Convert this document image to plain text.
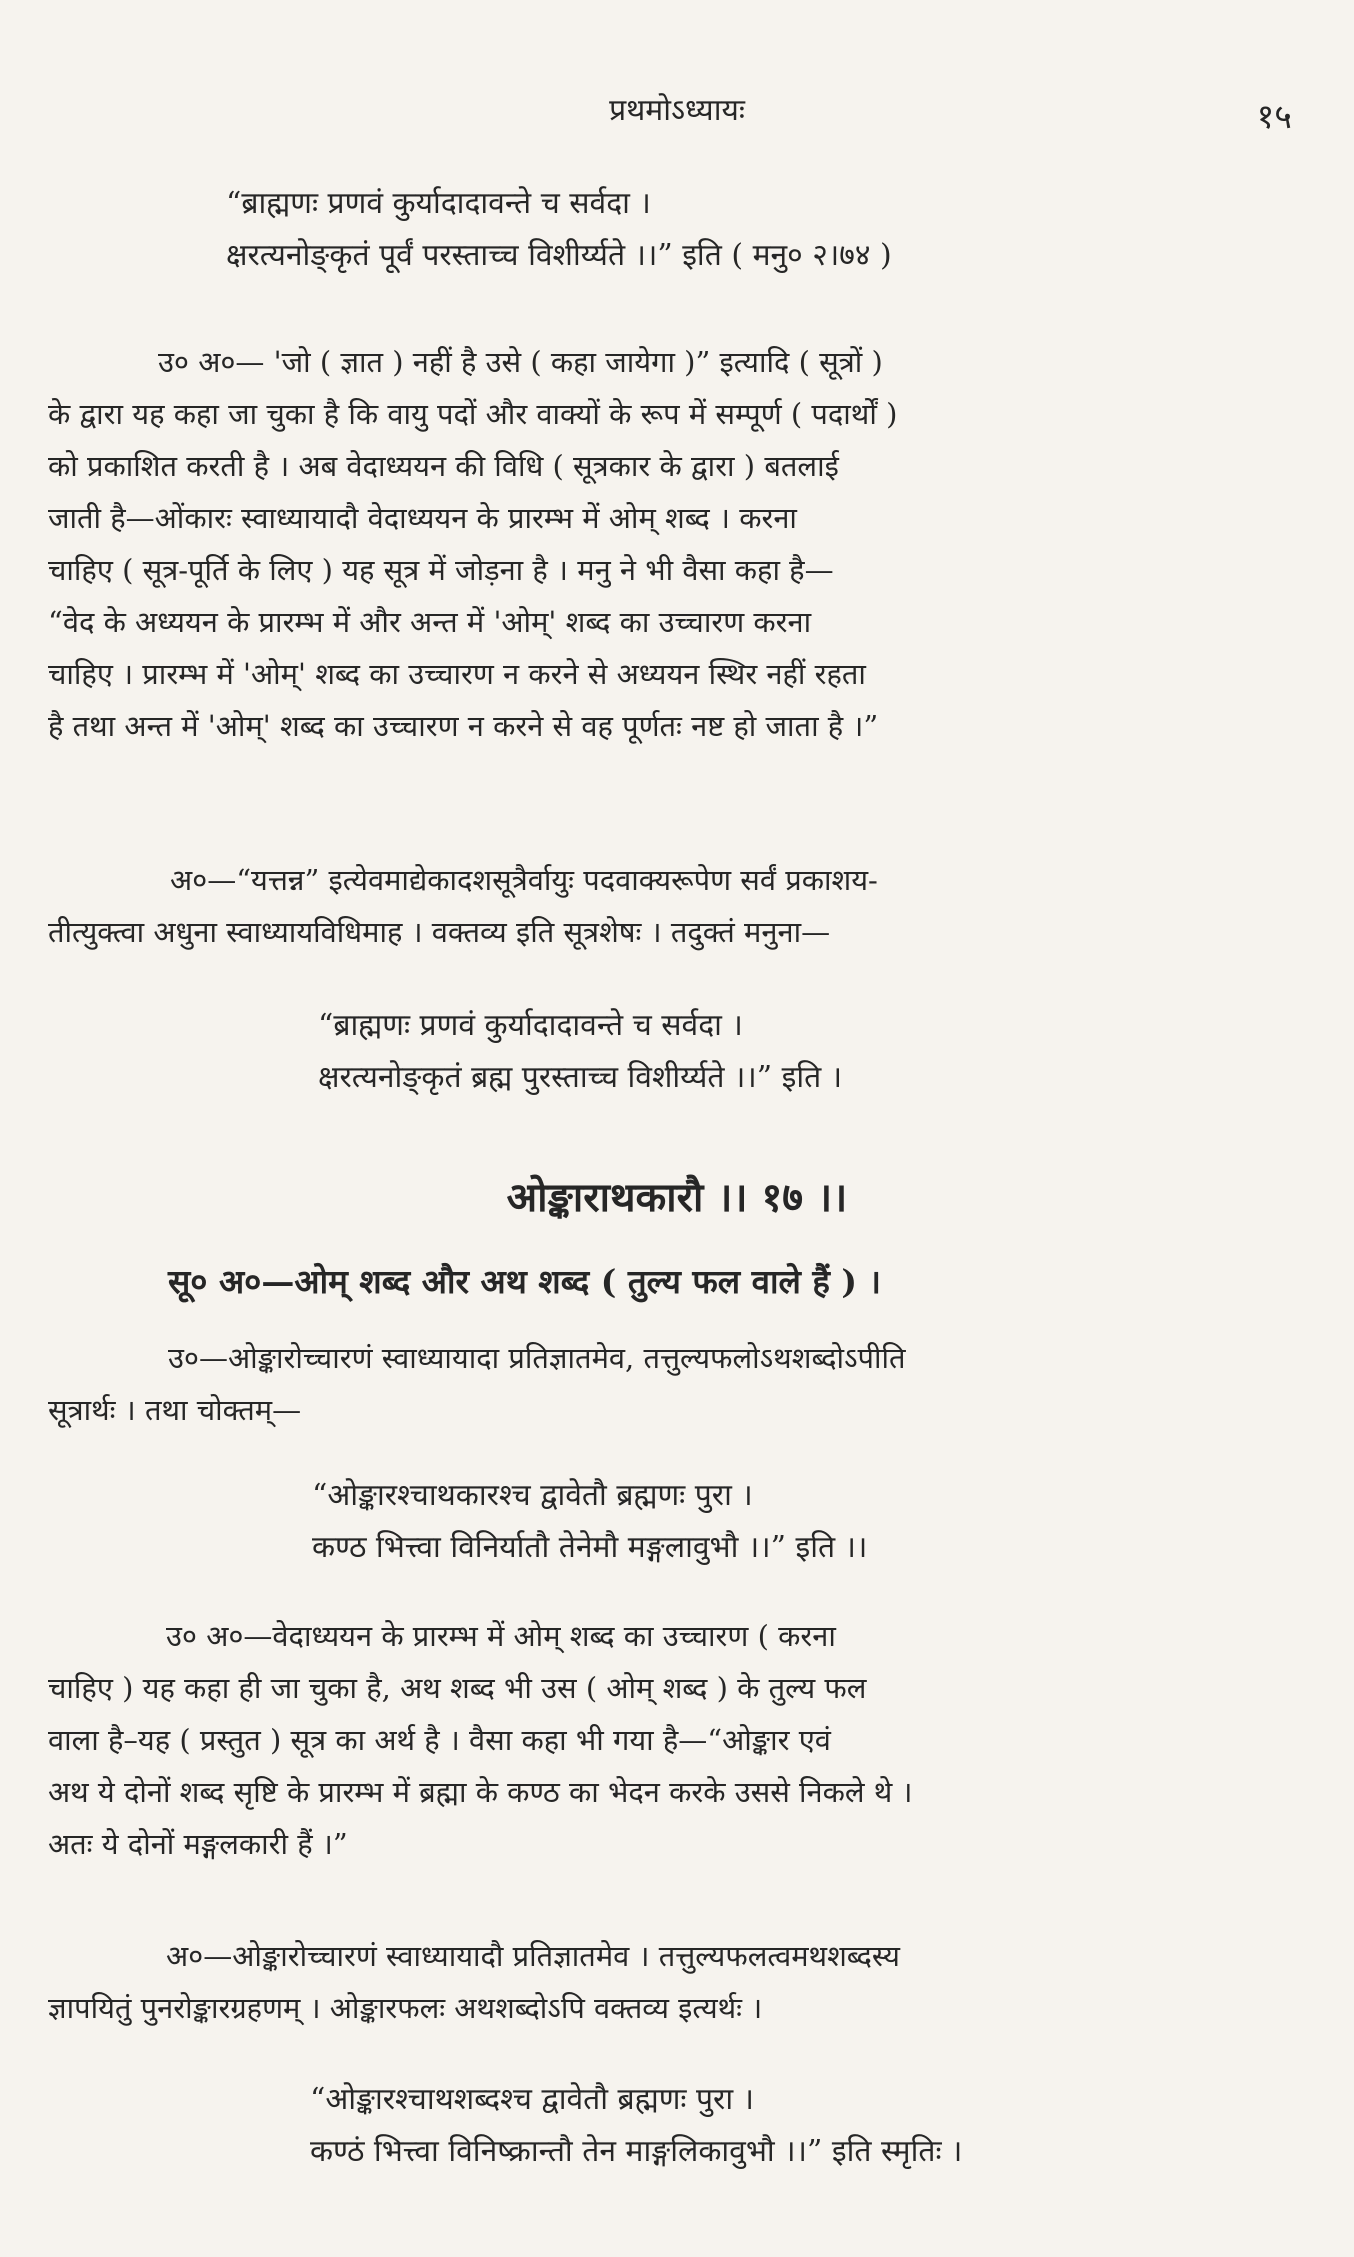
प्रथमोऽध्यायः	१५
“ब्राह्मणः प्रणवं कुर्यादादावन्ते च सर्वदा ।
क्षरत्यनोङ्कृतं पूर्वं परस्ताच्च विशीर्य्यते ।।” इति ( मनु० २।७४ )
उ० अ०— 'जो ( ज्ञात ) नहीं है उसे ( कहा जायेगा )” इत्यादि ( सूत्रों )
के द्वारा यह कहा जा चुका है कि वायु पदों और वाक्यों के रूप में सम्पूर्ण ( पदार्थों )
को प्रकाशित करती है । अब वेदाध्ययन की विधि ( सूत्रकार के द्वारा ) बतलाई
जाती है—ओंकारः स्वाध्यायादौ वेदाध्ययन के प्रारम्भ में ओम् शब्द । करना
चाहिए ( सूत्र-पूर्ति के लिए ) यह सूत्र में जोड़ना है । मनु ने भी वैसा कहा है—
“वेद के अध्ययन के प्रारम्भ में और अन्त में 'ओम्' शब्द का उच्चारण करना
चाहिए । प्रारम्भ में 'ओम्' शब्द का उच्चारण न करने से अध्ययन स्थिर नहीं रहता
है तथा अन्त में 'ओम्' शब्द का उच्चारण न करने से वह पूर्णतः नष्ट हो जाता है ।”
अ०—“यत्तन्न” इत्येवमाद्येकादशसूत्रैर्वायुः पदवाक्यरूपेण सर्वं प्रकाशय-
तीत्युक्त्वा अधुना स्वाध्यायविधिमाह । वक्तव्य इति सूत्रशेषः । तदुक्तं मनुना—
“ब्राह्मणः प्रणवं कुर्यादादावन्ते च सर्वदा ।
क्षरत्यनोङ्कृतं ब्रह्म पुरस्ताच्च विशीर्य्यते ।।” इति ।
ओङ्काराथकारौ ।। १७ ।।
सू० अ०—ओम् शब्द और अथ शब्द ( तुल्य फल वाले हैं ) ।
उ०—ओङ्कारोच्चारणं स्वाध्यायादा प्रतिज्ञातमेव, तत्तुल्यफलोऽथशब्दोऽपीति
सूत्रार्थः । तथा चोक्तम्—
“ओङ्कारश्चाथकारश्च द्वावेतौ ब्रह्मणः पुरा ।
कण्ठ भित्त्वा विनिर्यातौ तेनेमौ मङ्गलावुभौ ।।” इति ।।
उ० अ०—वेदाध्ययन के प्रारम्भ में ओम् शब्द का उच्चारण ( करना
चाहिए ) यह कहा ही जा चुका है, अथ शब्द भी उस ( ओम् शब्द ) के तुल्य फल
वाला है–यह ( प्रस्तुत ) सूत्र का अर्थ है । वैसा कहा भी गया है—“ओङ्कार एवं
अथ ये दोनों शब्द सृष्टि के प्रारम्भ में ब्रह्मा के कण्ठ का भेदन करके उससे निकले थे ।
अतः ये दोनों मङ्गलकारी हैं ।”
अ०—ओङ्कारोच्चारणं स्वाध्यायादौ प्रतिज्ञातमेव । तत्तुल्यफलत्वमथशब्दस्य
ज्ञापयितुं पुनरोङ्कारग्रहणम् । ओङ्कारफलः अथशब्दोऽपि वक्तव्य इत्यर्थः ।
“ओङ्कारश्चाथशब्दश्च द्वावेतौ ब्रह्मणः पुरा ।
कण्ठं भित्त्वा विनिष्क्रान्तौ तेन माङ्गलिकावुभौ ।।” इति स्मृतिः ।
